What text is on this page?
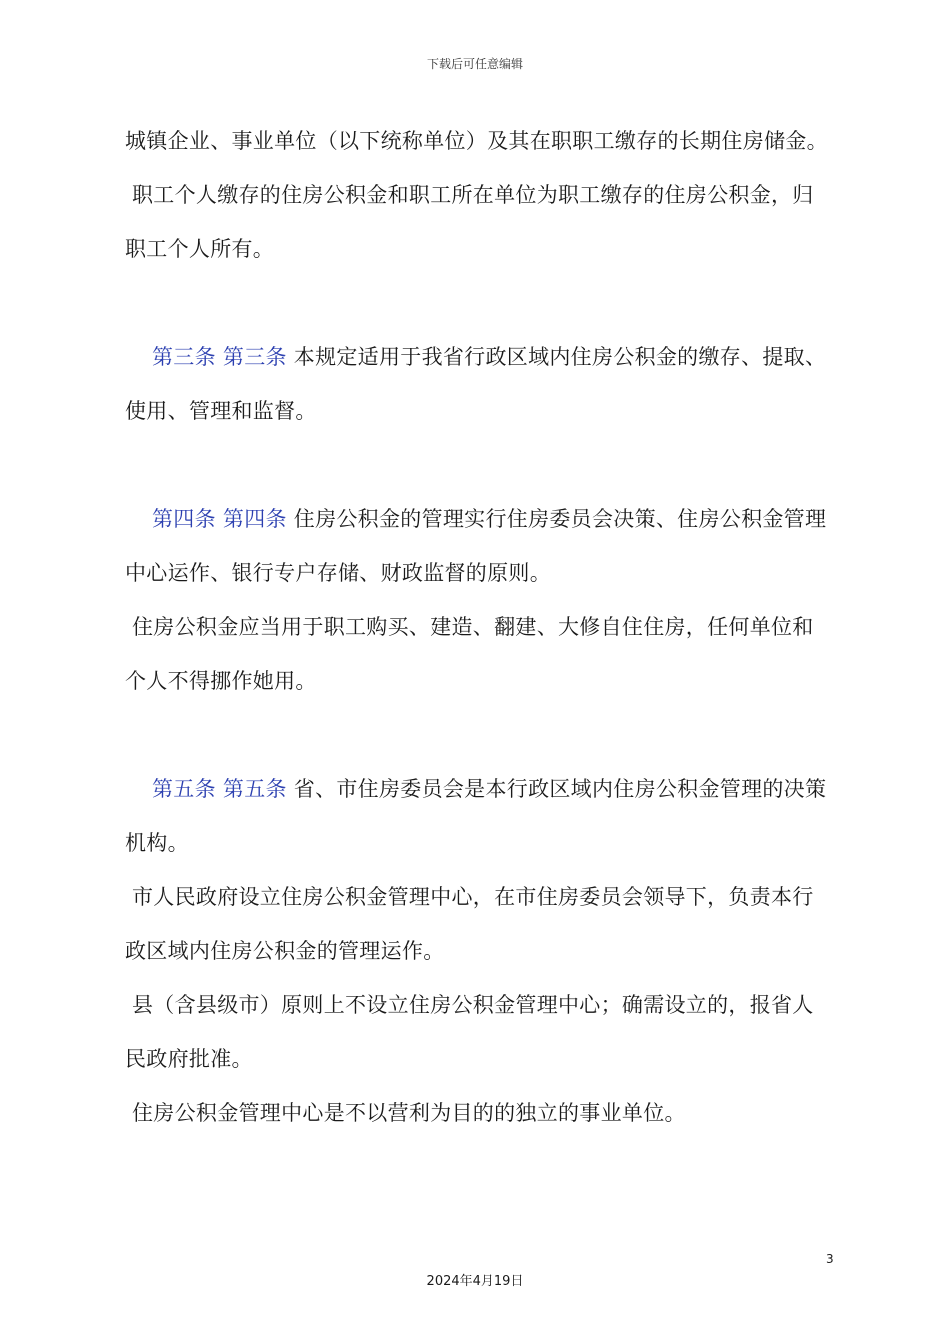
下载后可任意编辑

城镇企业、事业单位（以下统称单位）及其在职职工缴存的长期住房储金。

职工个人缴存的住房公积金和职工所在单位为职工缴存的住房公积金，归职工个人所有。

第三条 第三条 本规定适用于我省行政区域内住房公积金的缴存、提取、使用、管理和监督。

第四条 第四条 住房公积金的管理实行住房委员会决策、住房公积金管理中心运作、银行专户存储、财政监督的原则。

住房公积金应当用于职工购买、建造、翻建、大修自住住房，任何单位和个人不得挪作她用。

第五条 第五条 省、市住房委员会是本行政区域内住房公积金管理的决策机构。

市人民政府设立住房公积金管理中心，在市住房委员会领导下，负责本行政区域内住房公积金的管理运作。

县（含县级市）原则上不设立住房公积金管理中心；确需设立的，报省人民政府批准。

住房公积金管理中心是不以营利为目的的独立的事业单位。

3
2024年4月19日
